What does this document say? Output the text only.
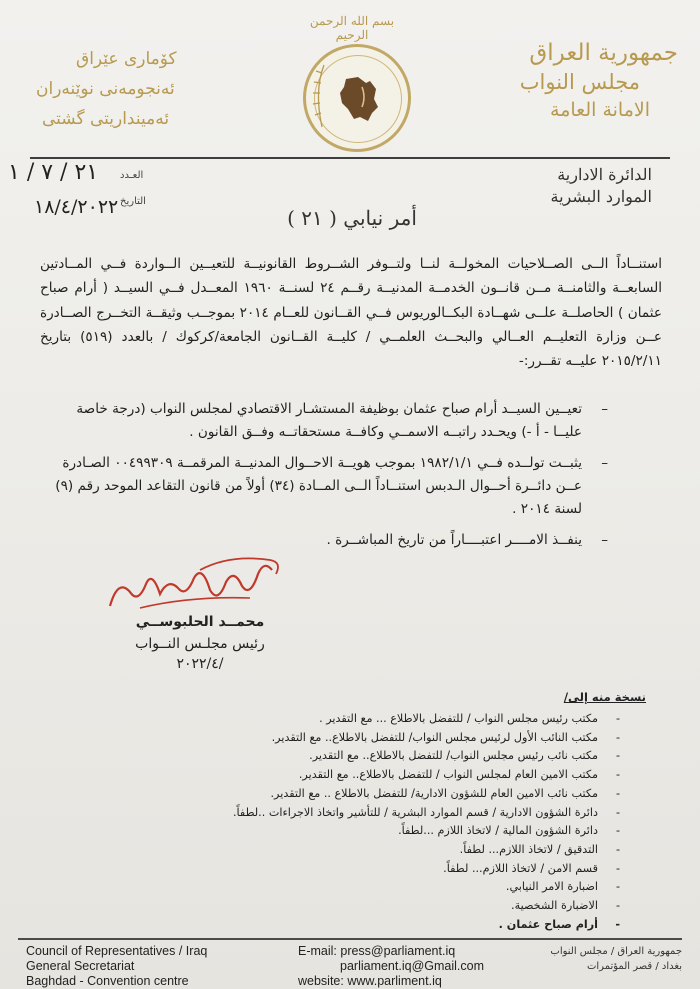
بسم الله الرحمن الرحيم
جمهورية العراق
مجلس النواب
الامانة العامة
كۆمارى عێراق
ئەنجومەنی نوێنەران
ئەمینداریتی گشتی
الدائرة الادارية
الموارد البشرية
العـدد
٢١ / ٧ / ١
التاريخ
١٨/٤/٢٠٢٢	أمر نيابي ( ٢١ )

استنــاداً الــى الصــلاحيات المخولــة لنــا ولتــوفر الشــروط القانونيــة للتعيــين الــواردة فــي المــادتين السابعــة والثامنــة مــن قانــون الخدمــة المدنيــة رقــم ٢٤ لسنــة ١٩٦٠ المعــدل فــي السيــد ( أرام صباح عثمان ) الحاصلــة علــى شهــادة البكــالوريوس فــي القــانون للعــام ٢٠١٤ بموجــب وثيقــة التخــرج الصــادرة عــن وزارة التعليــم العــالي والبحــث العلمــي / كليــة القــانون الجامعة/كركوك / بالعدد (٥١٩) بتاريخ ٢٠١٥/٢/١١ عليــه تقــرر:-

–
تعيــين السيــد أرام صباح عثمان بوظيفة المستشـار الاقتصادي لمجلس النواب (درجة خاصة عليــا - أ -) ويحـدد راتبــه الاسمــي وكافــة مستحقاتــه وفــق القانون .
–
يثبــت تولــده فــي ١٩٨٢/١/١ بموجب هويــة الاحــوال المدنيــة المرقمــة ٠٠٤٩٩٣٠٩ الصـادرة عــن دائــرة أحــوال الـدبس استنــاداً الــى المــادة (٣٤) أولاً من قانون التقاعد الموحد رقم (٩) لسنة ٢٠١٤ .
–
ينفــذ الامــــر اعتبــــاراً من تاريخ المباشــرة .
محمــد الحلبوســي
رئيس مجلـس النــواب
٢٠٢٢/٤/
نسخة منه إلى/
-
مكتب رئيس مجلس النواب / للتفضل بالاطلاع ... مع التقدير .
-
مكتب النائب الأول لرئيس مجلس النواب/ للتفضل بالاطلاع.. مع التقدير.
-
مكتب نائب رئيس مجلس النواب/ للتفضل بالاطلاع.. مع التقدير.
-
مكتب الامين العام لمجلس النواب / للتفضل بالاطلاع.. مع التقدير.
-
مكتب نائب الامين العام للشؤون الادارية/ للتفضل بالاطلاع .. مع التقدير.
-
دائرة الشؤون الادارية / قسم الموارد البشرية / للتأشير واتخاذ الاجراءات ..لطفاً.
-
دائرة الشؤون المالية / لاتخاذ اللازم ...لطفاً.
-
التدقيق / لاتخاذ اللازم... لطفاً.
-
قسم الامن / لاتخاذ اللازم... لطفاً.
-
اضبارة الامر النيابي.
-
الاضبارة الشخصية.
-
أرام صباح عثمان .
Council of Representatives / Iraq
General Secretariat
Baghdad - Convention centre
E-mail: press@parliament.iq
parliament.iq@Gmail.com
website: www.parliment.iq
جمهورية العراق / مجلس النواب
بغداد / قصر المؤتمرات
